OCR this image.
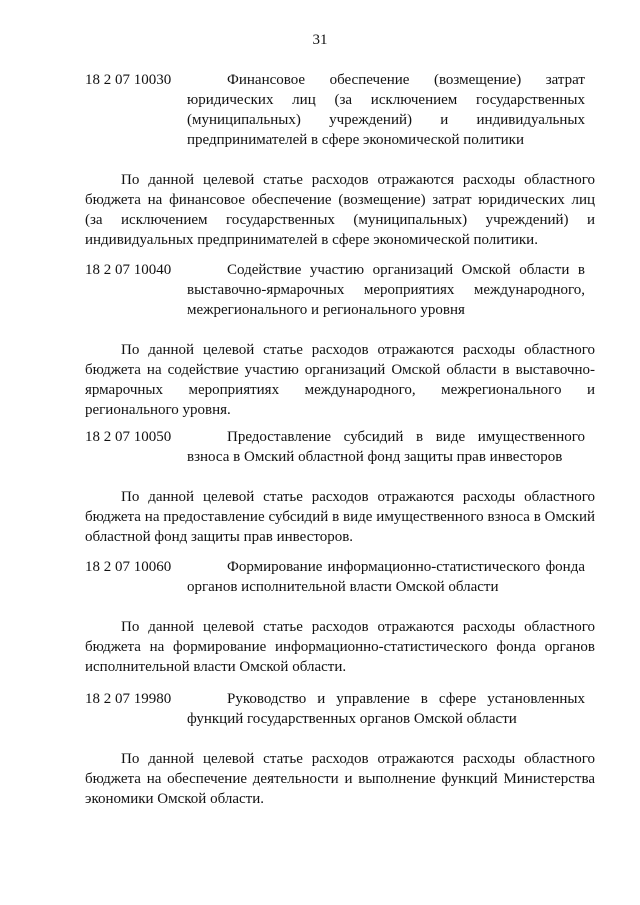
31
18 2 07 10030	Финансовое обеспечение (возмещение) затрат юридических лиц (за исключением государственных (муниципальных) учреждений) и индивидуальных предпринимателей в сфере экономической политики

По данной целевой статье расходов отражаются расходы областного бюджета на финансовое обеспечение (возмещение) затрат юридических лиц (за исключением государственных (муниципальных) учреждений) и индивидуальных предпринимателей в сфере экономической политики.

18 2 07 10040	Содействие участию организаций Омской области в выставочно-ярмарочных мероприятиях международного, межрегионального и регионального уровня

По данной целевой статье расходов отражаются расходы областного бюджета на содействие участию организаций Омской области в выставочно-ярмарочных мероприятиях международного, межрегионального и регионального уровня.

18 2 07 10050	Предоставление субсидий в виде имущественного взноса в Омский областной фонд защиты прав инвесторов

По данной целевой статье расходов отражаются расходы областного бюджета на предоставление субсидий в виде имущественного взноса в Омский областной фонд защиты прав инвесторов.

18 2 07 10060	Формирование информационно-статистического фонда органов исполнительной власти Омской области

По данной целевой статье расходов отражаются расходы областного бюджета на формирование информационно-статистического фонда органов исполнительной власти Омской области.

18 2 07 19980	Руководство и управление в сфере установленных функций государственных органов Омской области

По данной целевой статье расходов отражаются расходы областного бюджета на обеспечение деятельности и выполнение функций Министерства экономики Омской области.
